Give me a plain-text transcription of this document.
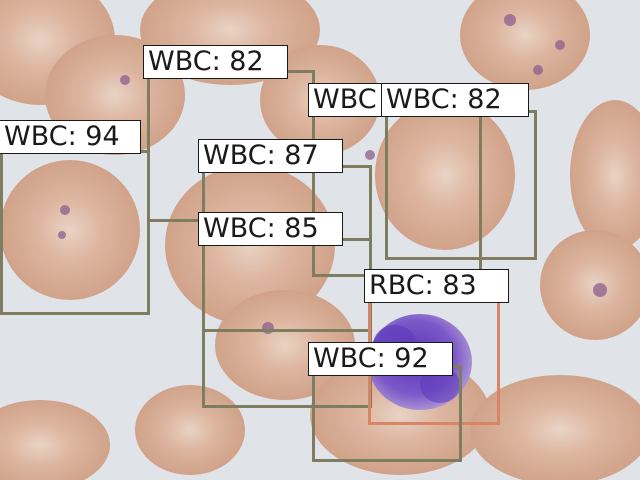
WBC: 82
WBC: 94
WBC WBC: 82
WBC: 87
WBC: 85
RBC: 83
WBC: 92
